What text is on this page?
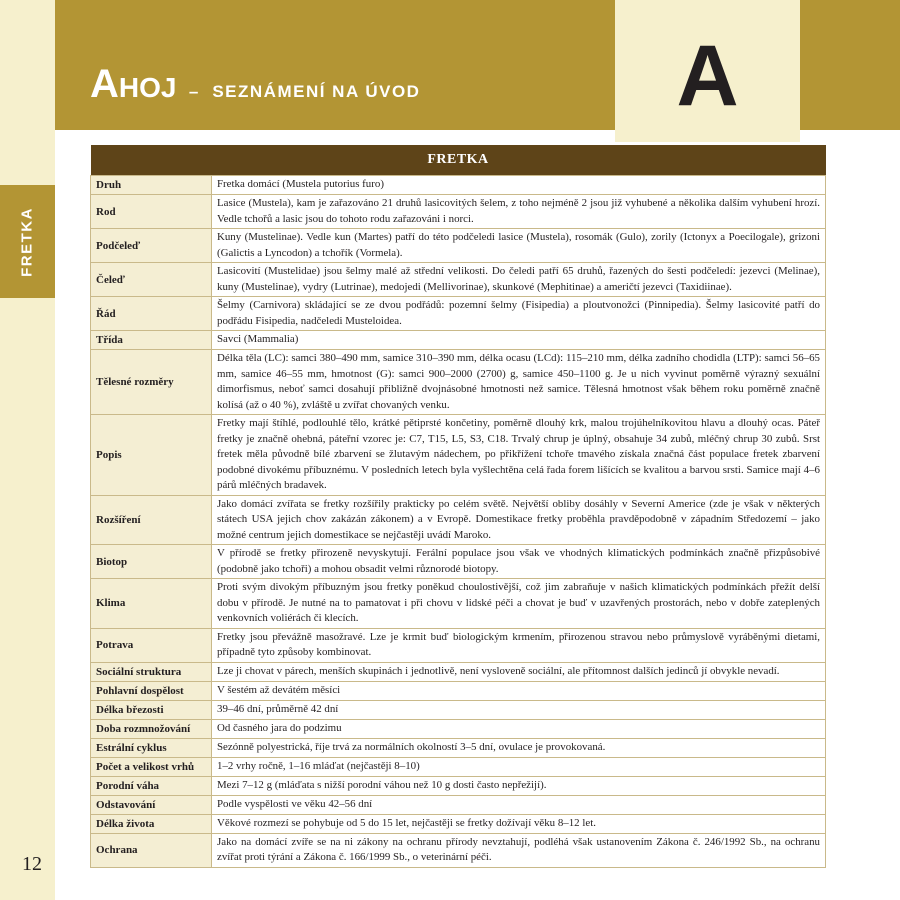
AHOJ – SEZNÁMENÍ NA ÚVOD	A
FRETKA
FRETKA	
Druh	Fretka domácí (Mustela putorius furo)
Rod	Lasice (Mustela), kam je zařazováno 21 druhů lasicovitých šelem, z toho nejméně 2 jsou již vyhubené a několika dalším vyhubení hrozí. Vedle tchořů a lasic jsou do tohoto rodu zařazováni i norci.
Podčeleď	Kuny (Mustelinae). Vedle kun (Martes) patří do této podčeledi lasice (Mustela), rosomák (Gulo), zorily (Ictonyx a Poecilogale), grizoni (Galictis a Lyncodon) a tchořík (Vormela).
Čeleď	Lasicovití (Mustelidae) jsou šelmy malé až střední velikosti. Do čeledi patří 65 druhů, řazených do šesti podčeledí: jezevci (Melinae), kuny (Mustelinae), vydry (Lutrinae), medojedi (Mellivorinae), skunkové (Mephitinae) a američtí jezevci (Taxidiinae).
Řád	Šelmy (Carnivora) skládající se ze dvou podřádů: pozemní šelmy (Fisipedia) a ploutvonožci (Pinnipedia). Šelmy lasicovité patří do podřádu Fisipedia, nadčeledi Musteloidea.
Třída	Savci (Mammalia)
Tělesné rozměry	Délka těla (LC): samci 380–490 mm, samice 310–390 mm, délka ocasu (LCd): 115–210 mm, délka zadního chodidla (LTP): samci 56–65 mm, samice 46–55 mm, hmotnost (G): samci 900–2000 (2700) g, samice 450–1100 g. Je u nich vyvinut poměrně výrazný sexuální dimorfismus, neboť samci dosahují přibližně dvojnásobné hmotnosti než samice. Tělesná hmotnost však během roku poměrně značně kolísá (až o 40 %), zvláště u zvířat chovaných venku.
Popis	Fretky mají štíhlé, podlouhlé tělo, krátké pětiprsté končetiny, poměrně dlouhý krk, malou trojúhelníkovitou hlavu a dlouhý ocas. Páteř fretky je značně ohebná, páteřní vzorec je: C7, T15, L5, S3, C18. Trvalý chrup je úplný, obsahuje 34 zubů, mléčný chrup 30 zubů. Srst fretek měla původně bílé zbarvení se žlutavým nádechem, po přikřížení tchoře tmavého získala značná část populace fretek zbarvení podobné divokému příbuznému. V posledních letech byla vyšlechtěna celá řada forem lišících se kvalitou a barvou srsti. Samice mají 4–6 párů mléčných bradavek.
Rozšíření	Jako domácí zvířata se fretky rozšířily prakticky po celém světě. Největší obliby dosáhly v Severní Americe (zde je však v některých státech USA jejich chov zakázán zákonem) a v Evropě. Domestikace fretky proběhla pravděpodobně v západním Středozemí – jako možné centrum jejich domestikace se nejčastěji uvádí Maroko.
Biotop	V přírodě se fretky přirozeně nevyskytují. Ferální populace jsou však ve vhodných klimatických podmínkách značně přizpůsobivé (podobně jako tchoři) a mohou obsadit velmi různorodé biotopy.
Klima	Proti svým divokým příbuzným jsou fretky poněkud choulostivější, což jim zabraňuje v našich klimatických podmínkách přežít delší dobu v přírodě. Je nutné na to pamatovat i při chovu v lidské péči a chovat je buď v uzavřených prostorách, nebo v dobře zateplených venkovních voliérách či klecích.
Potrava	Fretky jsou převážně masožravé. Lze je krmit buď biologickým krmením, přirozenou stravou nebo průmyslově vyráběnými dietami, případně tyto způsoby kombinovat.
Sociální struktura	Lze ji chovat v párech, menších skupinách i jednotlivě, není vysloveně sociální, ale přítomnost dalších jedinců jí obvykle nevadí.
Pohlavní dospělost	V šestém až devátém měsíci
Délka březosti	39–46 dní, průměrně 42 dní
Doba rozmnožování	Od časného jara do podzimu
Estrální cyklus	Sezónně polyestrická, říje trvá za normálních okolností 3–5 dní, ovulace je provokovaná.
Počet a velikost vrhů	1–2 vrhy ročně, 1–16 mláďat (nejčastěji 8–10)
Porodní váha	Mezi 7–12 g (mláďata s nižší porodní váhou než 10 g dosti často nepřežijí).
Odstavování	Podle vyspělosti ve věku 42–56 dní
Délka života	Věkové rozmezí se pohybuje od 5 do 15 let, nejčastěji se fretky dožívají věku 8–12 let.
Ochrana	Jako na domácí zvíře se na ni zákony na ochranu přírody nevztahují, podléhá však ustanovením Zákona č. 246/1992 Sb., na ochranu zvířat proti týrání a Zákona č. 166/1999 Sb., o veterinární péči.
12
